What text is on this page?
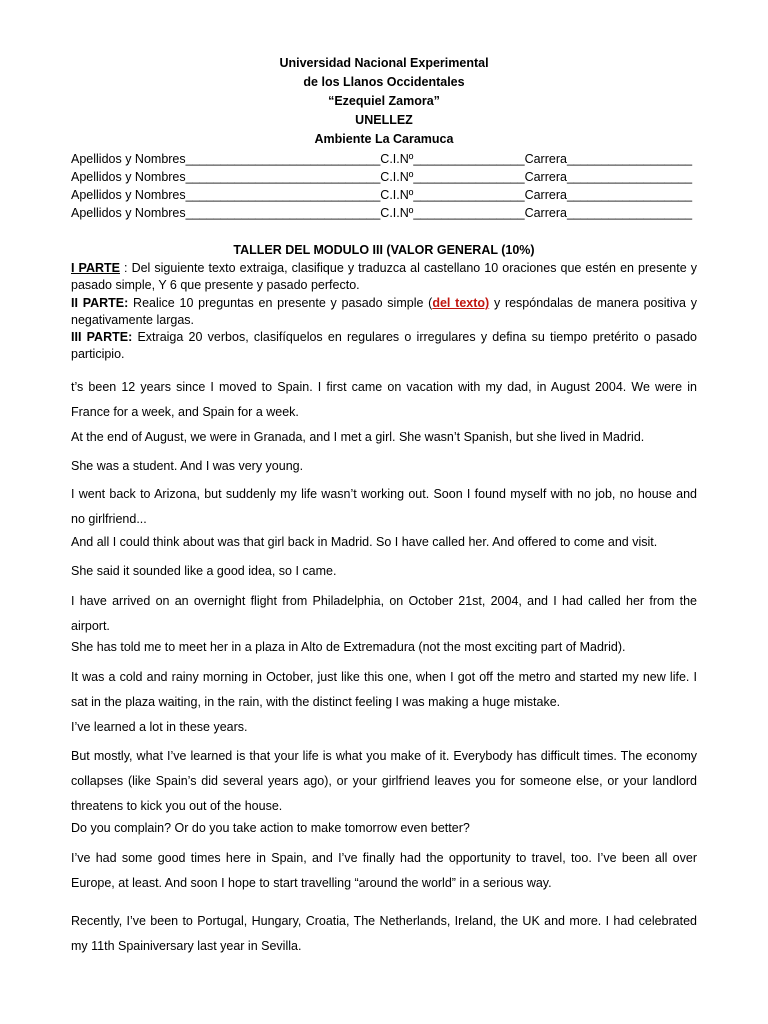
Universidad Nacional Experimental
de los Llanos Occidentales
“Ezequiel Zamora”
UNELLEZ
Ambiente La Caramuca
Apellidos y Nombres____________________________C.I.Nº________________Carrera__________________
Apellidos y Nombres____________________________C.I.Nº________________Carrera__________________
Apellidos y Nombres____________________________C.I.Nº________________Carrera__________________
Apellidos y Nombres____________________________C.I.Nº________________Carrera__________________
TALLER DEL MODULO III (VALOR GENERAL (10%)
I PARTE : Del siguiente texto extraiga, clasifique y traduzca al castellano 10 oraciones que estén en presente y pasado simple, Y 6 que presente y pasado perfecto.
II PARTE: Realice 10 preguntas en presente y pasado simple (del texto) y respóndalas de manera positiva y negativamente largas.
III PARTE: Extraiga 20 verbos, clasifíquelos en regulares o irregulares y defina su tiempo pretérito o pasado participio.
t’s been 12 years since I moved to Spain. I first came on vacation with my dad, in August 2004. We were in France for a week, and Spain for a week.
At the end of August, we were in Granada, and I met a girl. She wasn’t Spanish, but she lived in Madrid.
She was a student. And I was very young.
I went back to Arizona, but suddenly my life wasn’t working out. Soon I found myself with no job, no house and no girlfriend...
And all I could think about was that girl back in Madrid. So I have called her. And offered to come and visit.
She said it sounded like a good idea, so I came.
I have arrived on an overnight flight from Philadelphia, on October 21st, 2004, and I had called her from the airport.
She has told me to meet her in a plaza in Alto de Extremadura (not the most exciting part of Madrid).
It was a cold and rainy morning in October, just like this one, when I got off the metro and started my new life. I sat in the plaza waiting, in the rain, with the distinct feeling I was making a huge mistake.
I’ve learned a lot in these years.
But mostly, what I’ve learned is that your life is what you make of it. Everybody has difficult times. The economy collapses (like Spain’s did several years ago), or your girlfriend leaves you for someone else, or your landlord threatens to kick you out of the house.
Do you complain? Or do you take action to make tomorrow even better?
I’ve had some good times here in Spain, and I’ve finally had the opportunity to travel, too. I’ve been all over Europe, at least. And soon I hope to start travelling “around the world” in a serious way.
Recently, I’ve been to Portugal, Hungary, Croatia, The Netherlands, Ireland, the UK and more. I had celebrated my 11th Spainiversary last year in Sevilla.
